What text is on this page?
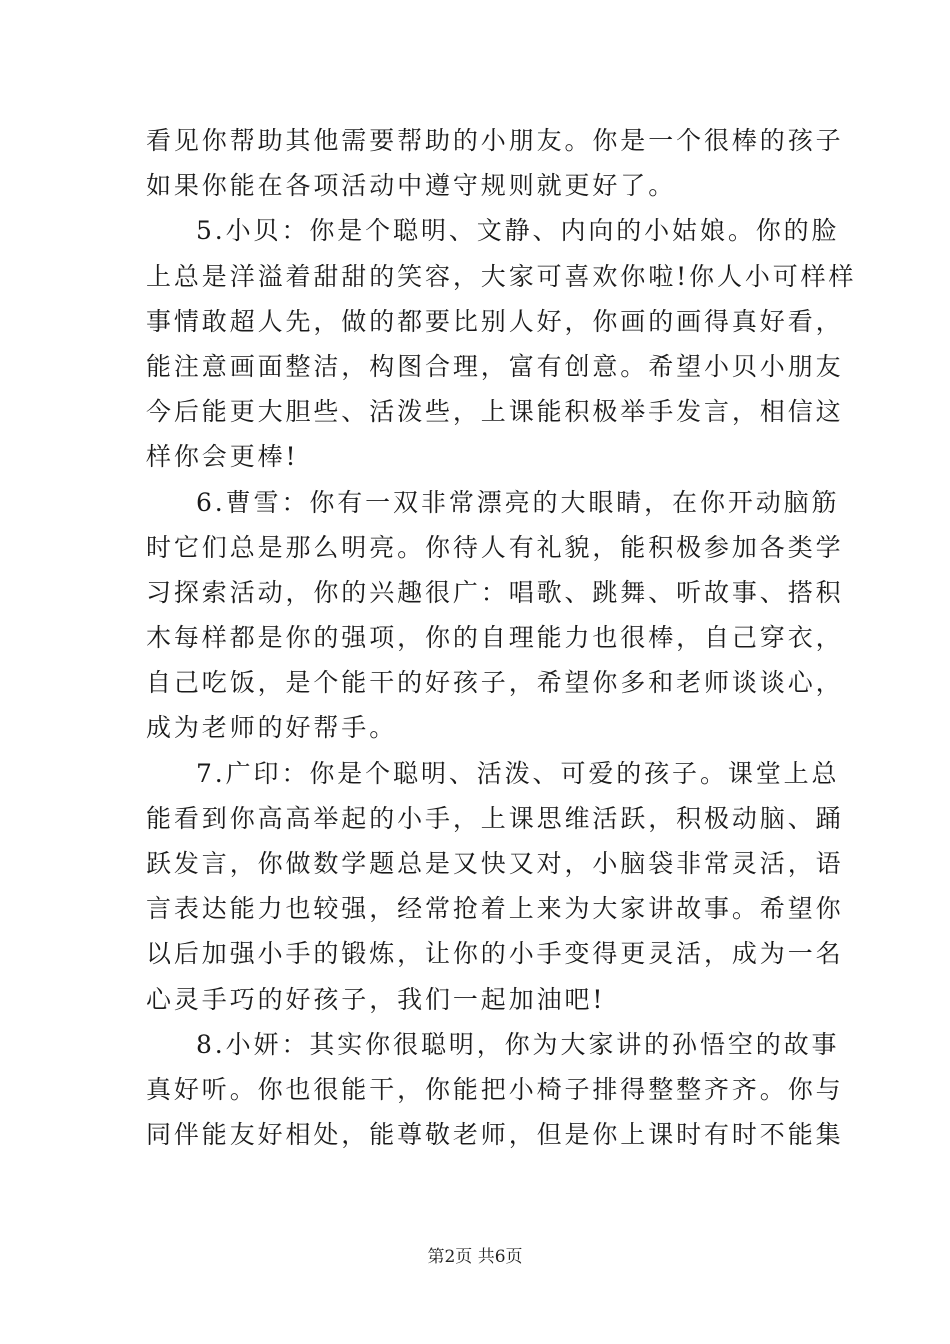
看见你帮助其他需要帮助的小朋友。你是一个很棒的孩子
如果你能在各项活动中遵守规则就更好了。
5.小贝：你是个聪明、文静、内向的小姑娘。你的脸
上总是洋溢着甜甜的笑容，大家可喜欢你啦!你人小可样样
事情敢超人先，做的都要比别人好，你画的画得真好看，
能注意画面整洁，构图合理，富有创意。希望小贝小朋友
今后能更大胆些、活泼些，上课能积极举手发言，相信这
样你会更棒!
6.曹雪：你有一双非常漂亮的大眼睛，在你开动脑筋
时它们总是那么明亮。你待人有礼貌，能积极参加各类学
习探索活动，你的兴趣很广：唱歌、跳舞、听故事、搭积
木每样都是你的强项，你的自理能力也很棒，自己穿衣，
自己吃饭，是个能干的好孩子，希望你多和老师谈谈心，
成为老师的好帮手。
7.广印：你是个聪明、活泼、可爱的孩子。课堂上总
能看到你高高举起的小手，上课思维活跃，积极动脑、踊
跃发言，你做数学题总是又快又对，小脑袋非常灵活，语
言表达能力也较强，经常抢着上来为大家讲故事。希望你
以后加强小手的锻炼，让你的小手变得更灵活，成为一名
心灵手巧的好孩子，我们一起加油吧!
8.小妍：其实你很聪明，你为大家讲的孙悟空的故事
真好听。你也很能干，你能把小椅子排得整整齐齐。你与
同伴能友好相处，能尊敬老师，但是你上课时有时不能集
第2页 共6页
